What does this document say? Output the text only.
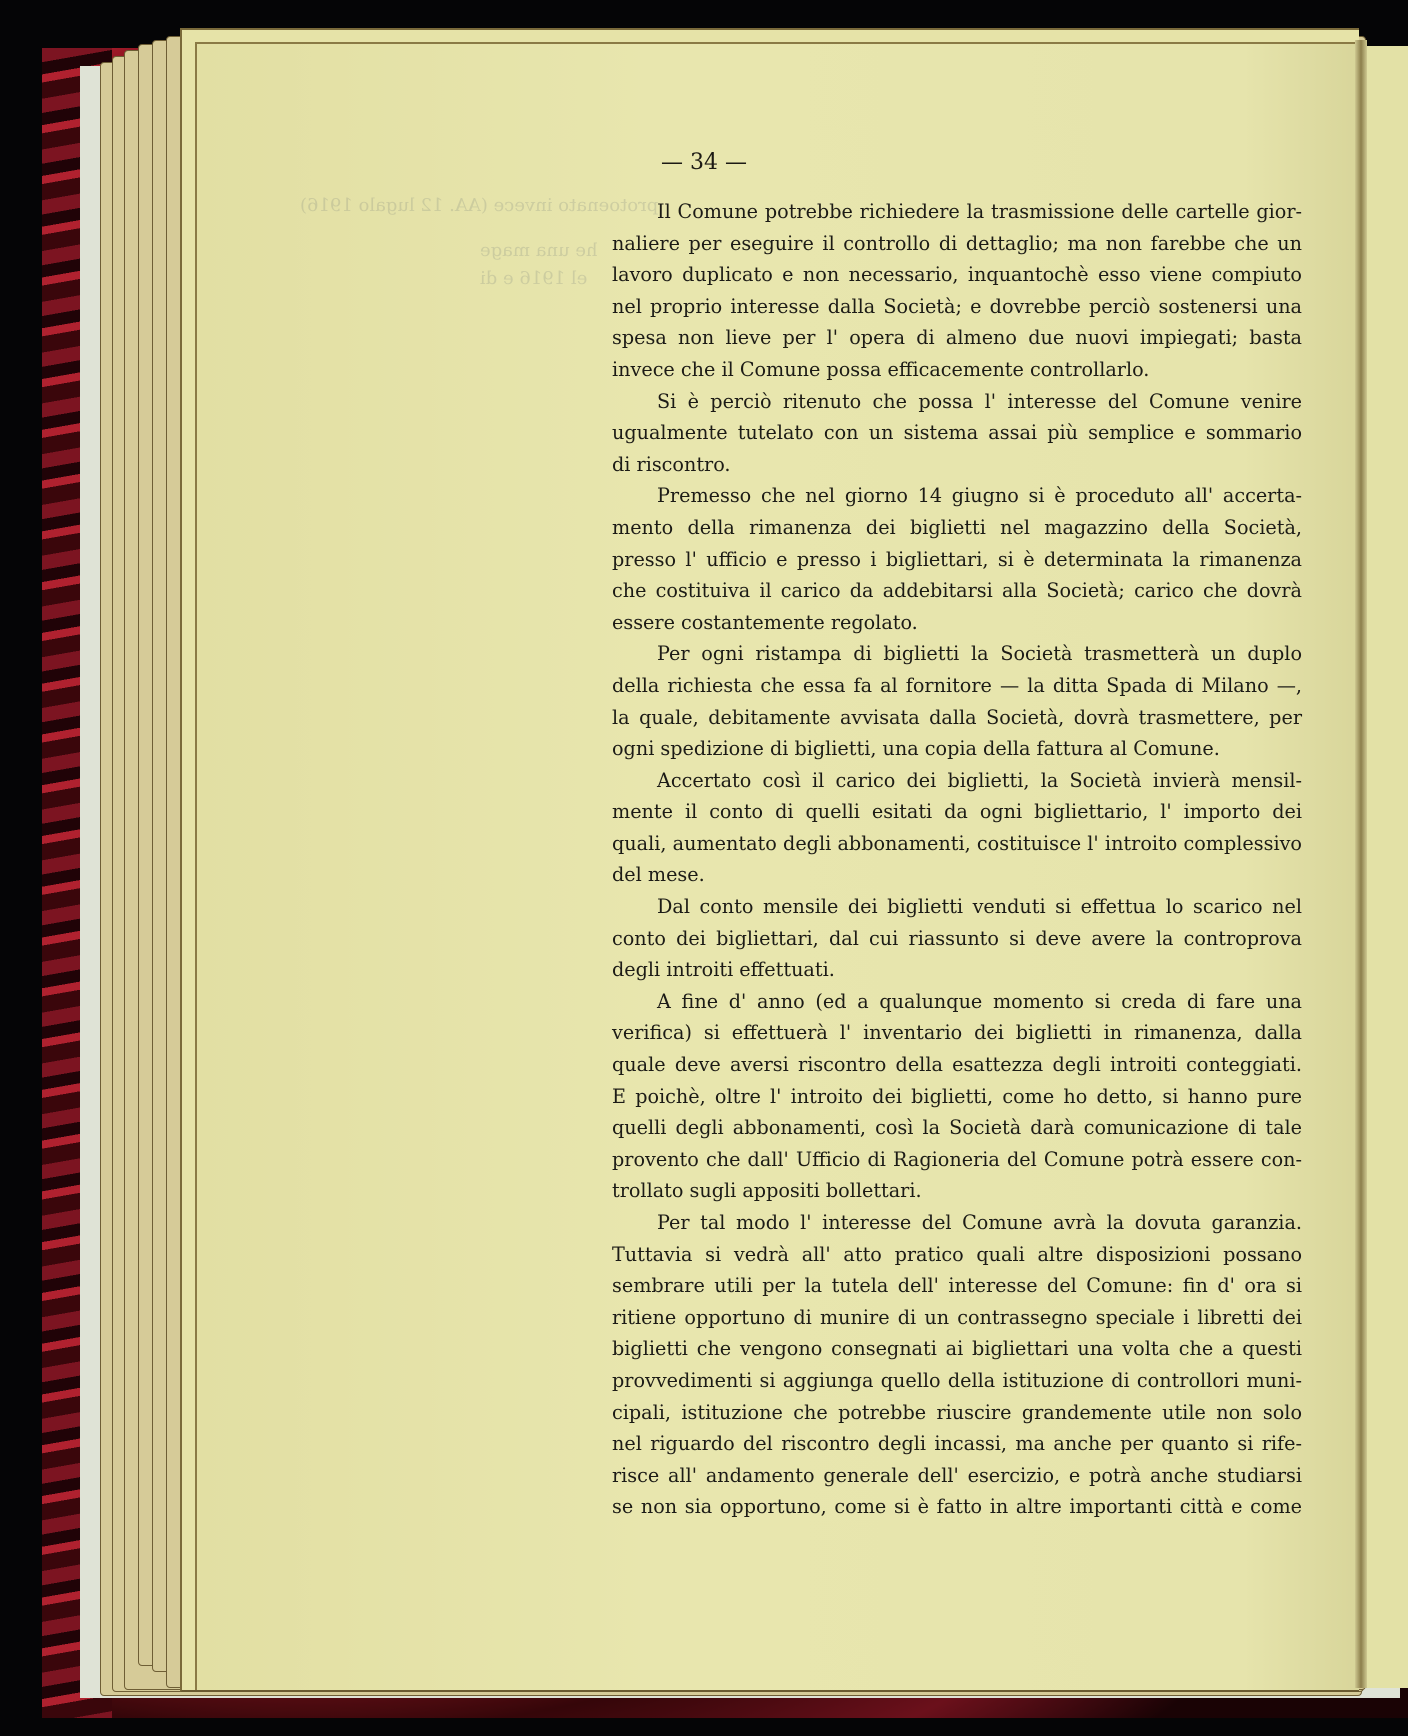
protoenato invece (AA. 12 lugalo 1916)
he una mage
el 1916 e di
— 34 —
Il Comune potrebbe richiedere la trasmissione delle cartelle gior-
naliere per eseguire il controllo di dettaglio; ma non farebbe che un
lavoro duplicato e non necessario, inquantochè esso viene compiuto
nel proprio interesse dalla Società; e dovrebbe perciò sostenersi una
spesa non lieve per l' opera di almeno due nuovi impiegati; basta
invece che il Comune possa efficacemente controllarlo.
Si è perciò ritenuto che possa l' interesse del Comune venire
ugualmente tutelato con un sistema assai più semplice e sommario
di riscontro.
Premesso che nel giorno 14 giugno si è proceduto all' accerta-
mento della rimanenza dei biglietti nel magazzino della Società,
presso l' ufficio e presso i bigliettari, si è determinata la rimanenza
che costituiva il carico da addebitarsi alla Società; carico che dovrà
essere costantemente regolato.
Per ogni ristampa di biglietti la Società trasmetterà un duplo
della richiesta che essa fa al fornitore — la ditta Spada di Milano —,
la quale, debitamente avvisata dalla Società, dovrà trasmettere, per
ogni spedizione di biglietti, una copia della fattura al Comune.
Accertato così il carico dei biglietti, la Società invierà mensil-
mente il conto di quelli esitati da ogni bigliettario, l' importo dei
quali, aumentato degli abbonamenti, costituisce l' introito complessivo
del mese.
Dal conto mensile dei biglietti venduti si effettua lo scarico nel
conto dei bigliettari, dal cui riassunto si deve avere la controprova
degli introiti effettuati.
A fine d' anno (ed a qualunque momento si creda di fare una
verifica) si effettuerà l' inventario dei biglietti in rimanenza, dalla
quale deve aversi riscontro della esattezza degli introiti conteggiati.
E poichè, oltre l' introito dei biglietti, come ho detto, si hanno pure
quelli degli abbonamenti, così la Società darà comunicazione di tale
provento che dall' Ufficio di Ragioneria del Comune potrà essere con-
trollato sugli appositi bollettari.
Per tal modo l' interesse del Comune avrà la dovuta garanzia.
Tuttavia si vedrà all' atto pratico quali altre disposizioni possano
sembrare utili per la tutela dell' interesse del Comune: fin d' ora si
ritiene opportuno di munire di un contrassegno speciale i libretti dei
biglietti che vengono consegnati ai bigliettari una volta che a questi
provvedimenti si aggiunga quello della istituzione di controllori muni-
cipali, istituzione che potrebbe riuscire grandemente utile non solo
nel riguardo del riscontro degli incassi, ma anche per quanto si rife-
risce all' andamento generale dell' esercizio, e potrà anche studiarsi
se non sia opportuno, come si è fatto in altre importanti città e come
